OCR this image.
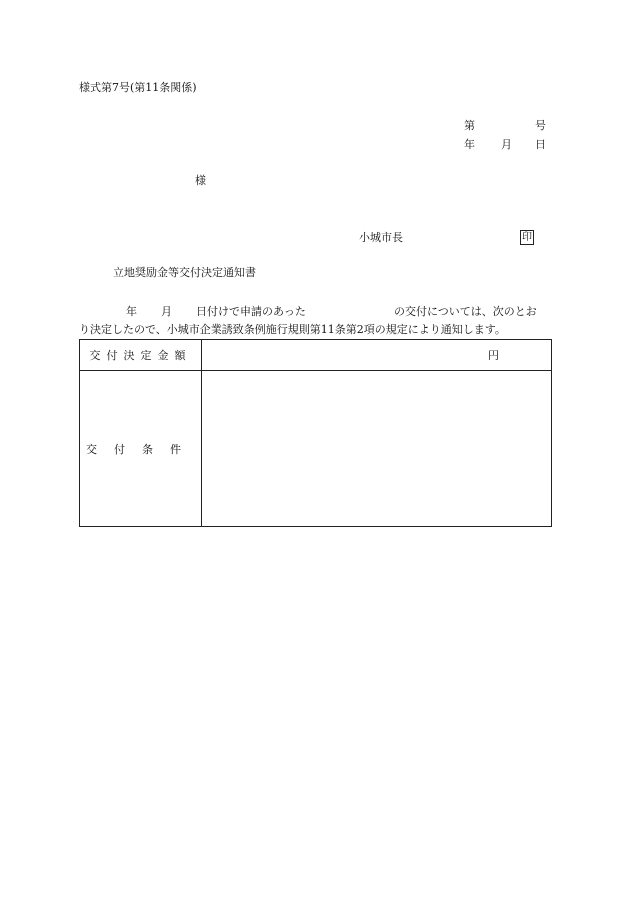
様式第7号(第11条関係)
第	号
年 月 日
様
小城市長	印
立地奨励金等交付決定通知書
年 月 日付けで申請のあった	の交付については、次のとお
り決定したので、小城市企業誘致条例施行規則第11条第2項の規定により通知します。
交付決定金額	円
交 付 条 件	
